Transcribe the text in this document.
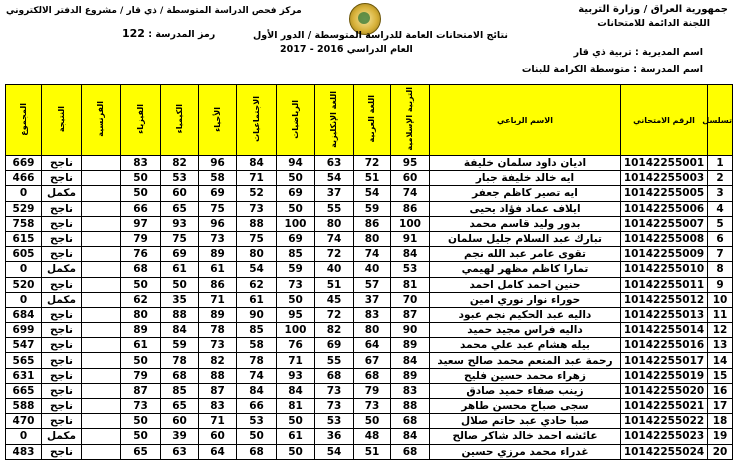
جمهورية العراق / وزارة التربية
اللجنة الدائمة للامتحانات
اسم المديرية : تربية ذي قار
اسم المدرسة : متوسطة الكرامة للبنات
نتائج الامتحانات العامة للدراسة المتوسطة / الدور الأول
العام الدراسي 2016 - 2017
مركز فحص الدراسة المتوسطة / ذي قار / مشروع الدفتر الالكتروني
رمز المدرسة : 122
تسلسل	الرقم الامتحاني	الاسم الرباعي	التربية الإسلامية	اللغة العربية	اللغة الإنكليزية	الرياضيات	الاجتماعيات	الأحياء	الكيمياء	الفيزياء	الفرنسية	النتيجة	المجموع
1	10142255001	اديان داود سلمان خليفة	95	72	63	94	84	96	82	83		ناجح	669
2	10142255003	ايه خالد خليفة جبار	60	51	54	50	71	58	53	50		ناجح	466
3	10142255005	ايه تصير كاظم جعفر	74	54	37	69	52	69	60	50		مكمل	0
4	10142255006	ايلاف عماد فؤاد يحيى	86	59	55	50	73	75	65	66		ناجح	529
5	10142255007	بدور وليد قاسم محمد	100	86	80	100	88	96	93	97		ناجح	758
6	10142255008	تبارك عبد السلام جليل سلمان	91	80	74	69	75	73	75	79		ناجح	615
7	10142255009	تقوى عامر عبد الله نجم	84	74	72	85	80	89	69	76		ناجح	605
8	10142255010	تمارا كاظم مظهر لهيمي	53	40	40	59	54	61	61	68		مكمل	0
9	10142255011	حنين احمد كامل احمد	81	57	51	73	62	86	50	50		ناجح	520
10	10142255012	حوراء نوار نوري امين	70	37	45	50	61	71	35	62		مكمل	0
11	10142255013	داليه عبد الحكيم نجم عبود	87	83	72	95	90	89	88	80		ناجح	684
12	10142255014	داليه فراس مجيد حميد	90	80	82	100	85	78	84	89		ناجح	699
13	10142255016	بيله هشام عبد علي محمد	89	64	69	76	58	73	59	61		ناجح	547
14	10142255017	رحمة عبد المنعم محمد صالح سعيد	84	67	55	71	78	82	78	50		ناجح	565
15	10142255019	زهراء محمد حسين فليح	89	68	68	93	74	88	68	79		ناجح	631
16	10142255020	زينب صفاء حميد صادق	83	79	73	84	84	87	85	87		ناجح	665
17	10142255021	سجى صباح محسن طاهر	88	73	73	81	66	83	65	73		ناجح	588
18	10142255022	صبا حادي عبد حاتم صلال	68	50	53	50	53	71	60	50		ناجح	470
19	10142255023	عائشه احمد خالد شاكر صالح	84	48	36	61	50	60	39	50		مكمل	0
20	10142255024	غدراء محمد مرزي حسين	68	51	54	50	68	64	63	65		ناجح	483
